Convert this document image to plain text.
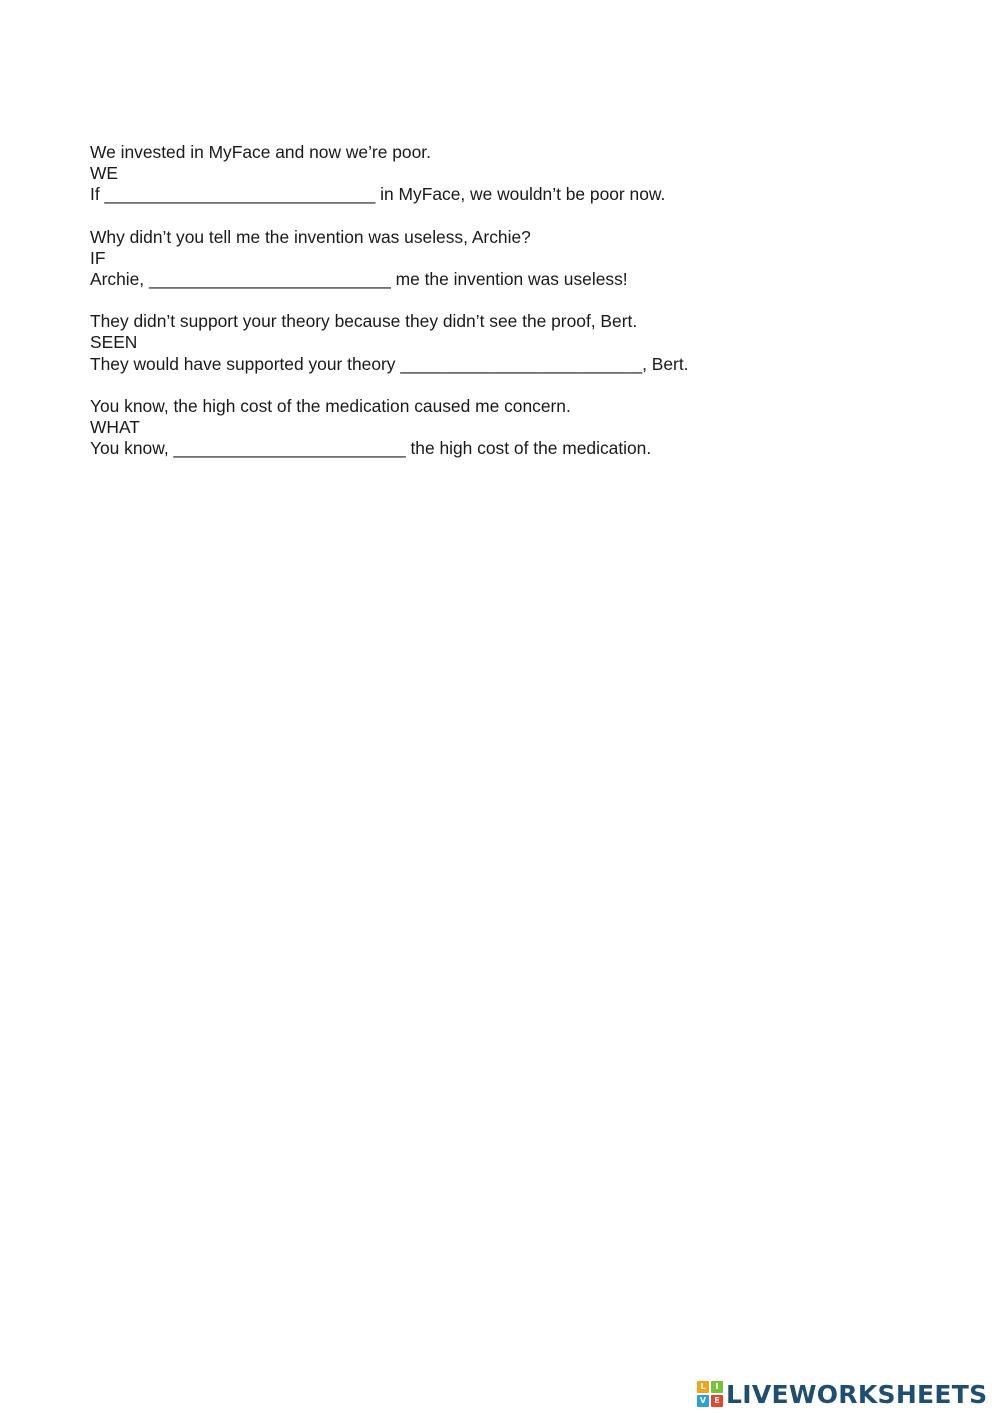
We invested in MyFace and now we’re poor.
WE
If ____________________________ in MyFace, we wouldn’t be poor now.
Why didn’t you tell me the invention was useless, Archie?
IF
Archie, _________________________ me the invention was useless!
They didn’t support your theory because they didn’t see the proof, Bert.
SEEN
They would have supported your theory _________________________, Bert.
You know, the high cost of the medication caused me concern.
WHAT
You know, ________________________ the high cost of the medication.
L	I
V	E LIVEWORKSHEETS
